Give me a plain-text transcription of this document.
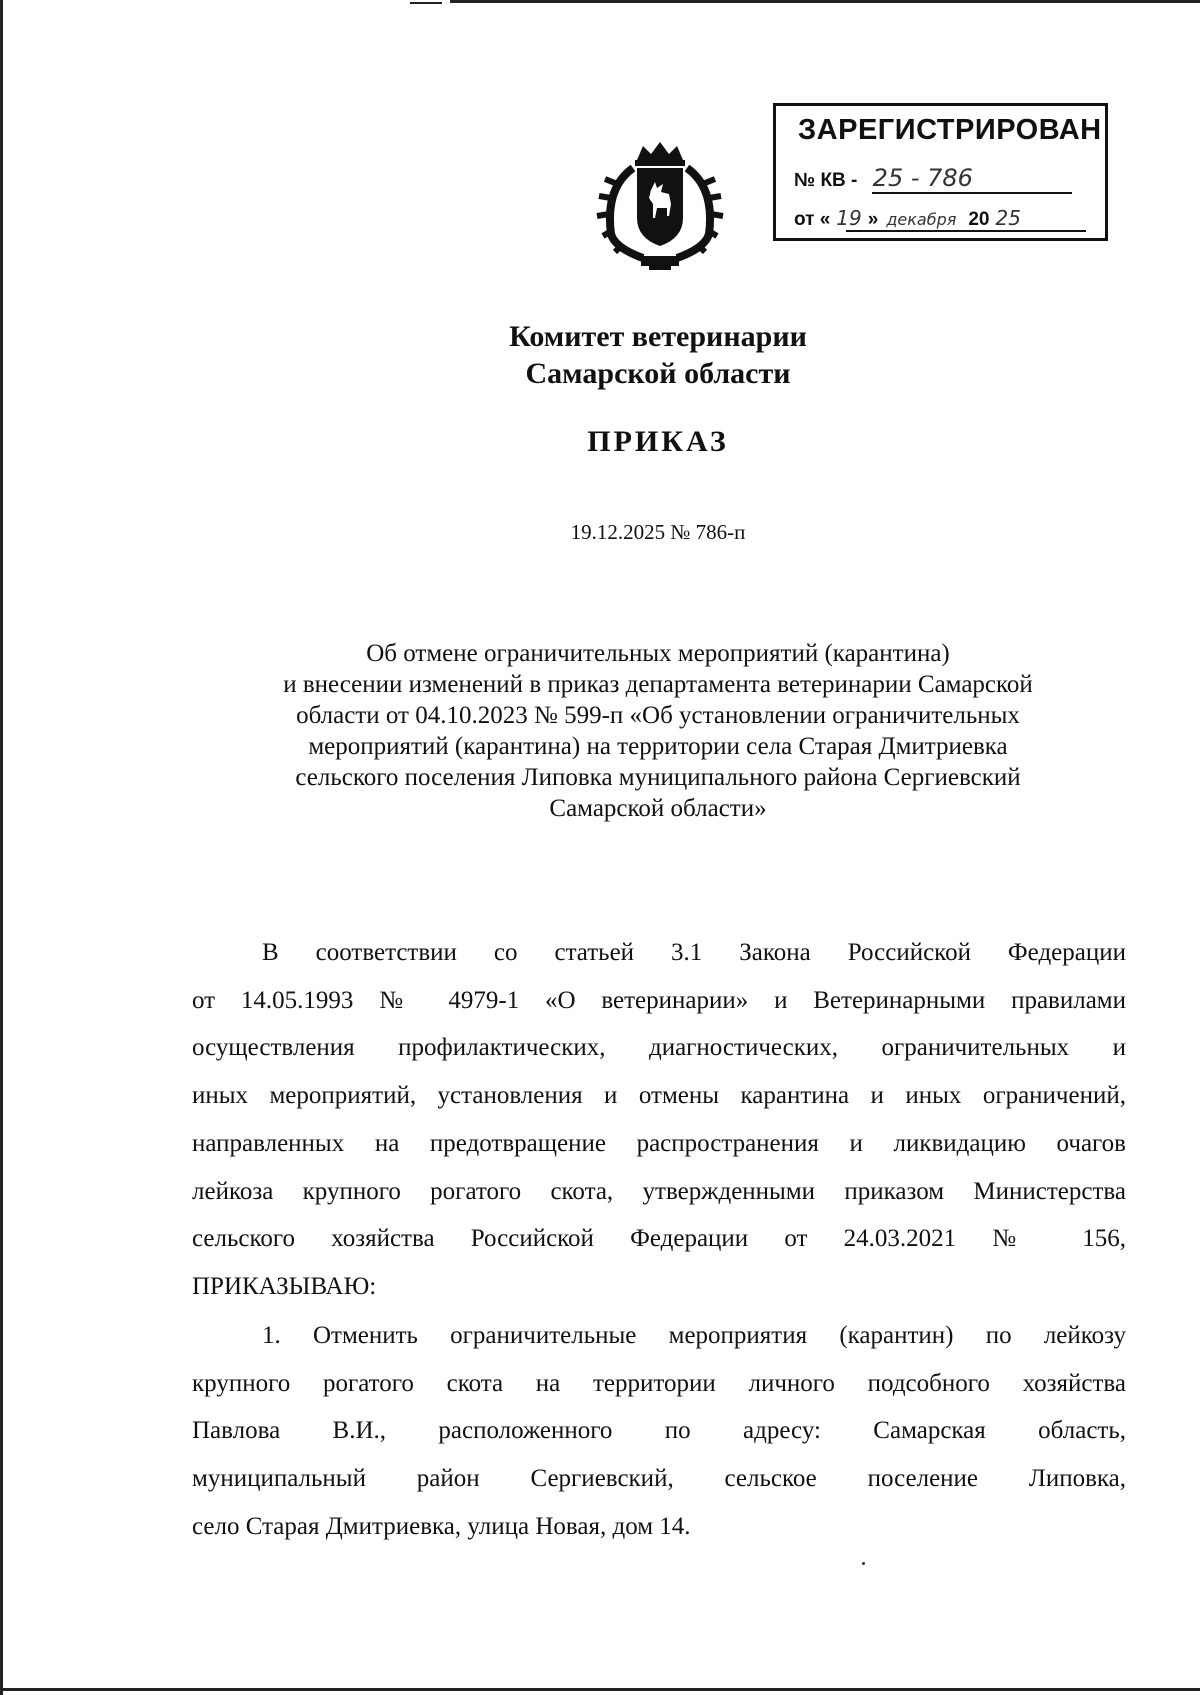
ЗАРЕГИСТРИРОВАН
№ КВ - 25 - 786
от « 19 » декабря 20 25
Комитет ветеринарии
Самарской области
ПРИКАЗ
19.12.2025 № 786-п
Об отмене ограничительных мероприятий (карантина)
и внесении изменений в приказ департамента ветеринарии Самарской
области от 04.10.2023 № 599-п «Об установлении ограничительных
мероприятий (карантина) на территории села Старая Дмитриевка
сельского поселения Липовка муниципального района Сергиевский
Самарской области»
В соответствии со статьей 3.1 Закона Российской Федерации
от 14.05.1993 № 4979-1 «О ветеринарии» и Ветеринарными правилами
осуществления профилактических, диагностических, ограничительных и
иных мероприятий, установления и отмены карантина и иных ограничений,
направленных на предотвращение распространения и ликвидацию очагов
лейкоза крупного рогатого скота, утвержденными приказом Министерства
сельского хозяйства Российской Федерации от 24.03.2021 № 156,
ПРИКАЗЫВАЮ:
1. Отменить ограничительные мероприятия (карантин) по лейкозу
крупного рогатого скота на территории личного подсобного хозяйства
Павлова В.И., расположенного по адресу: Самарская область,
муниципальный район Сергиевский, сельское поселение Липовка,
село Старая Дмитриевка, улица Новая, дом 14.
